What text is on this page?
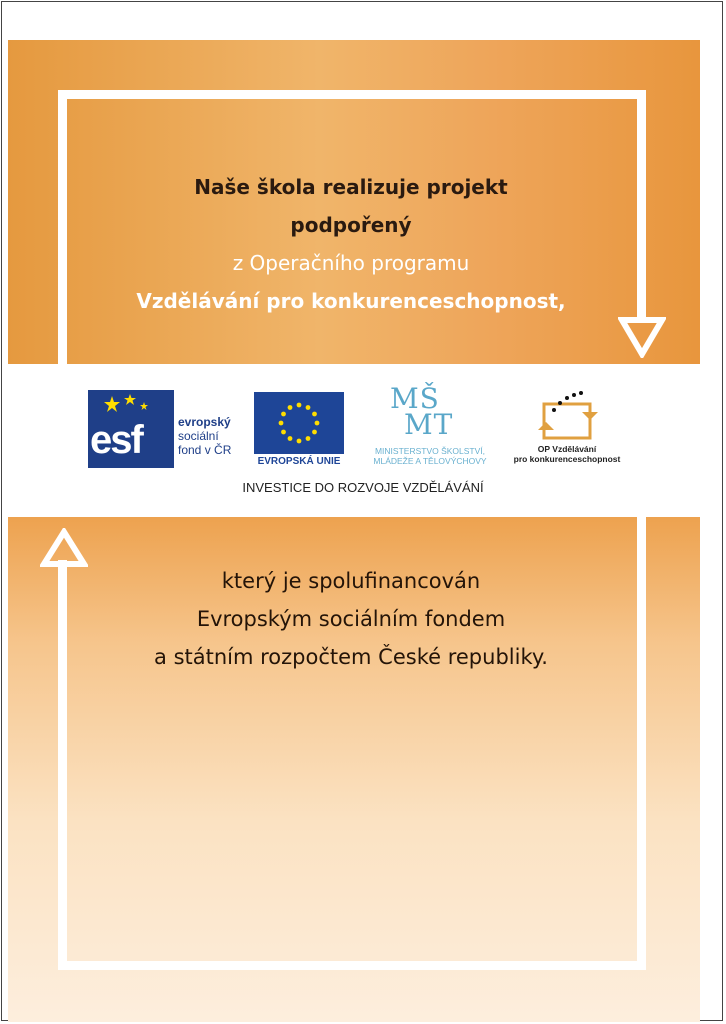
Naše škola realizuje projekt
podpořený
z Operačního programu
Vzdělávání pro konkurenceschopnost,
esf	evropský
sociální
fond v ČR
EVROPSKÁ UNIE
MŠ
MT
MINISTERSTVO ŠKOLSTVÍ,
MLÁDEŽE A TĚLOVÝCHOVY
OP Vzdělávání
pro konkurenceschopnost
INVESTICE DO ROZVOJE VZDĚLÁVÁNÍ
který je spolufinancován
Evropským sociálním fondem
a státním rozpočtem České republiky.
